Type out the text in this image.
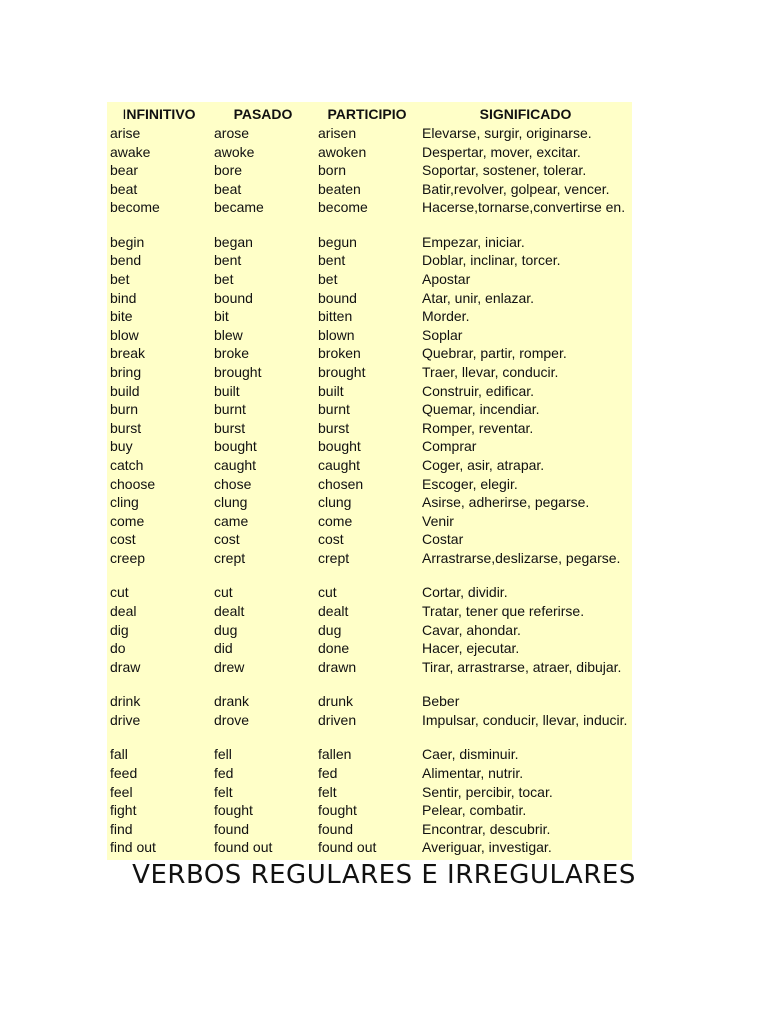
INFINITIVO	PASADO	PARTICIPIO	SIGNIFICADO
arise	arose	arisen	Elevarse, surgir, originarse.
awake	awoke	awoken	Despertar, mover, excitar.
bear	bore	born	Soportar, sostener, tolerar.
beat	beat	beaten	Batir,revolver, golpear, vencer.
become	became	become	Hacerse,tornarse,convertirse en.
begin	began	begun	Empezar, iniciar.
bend	bent	bent	Doblar, inclinar, torcer.
bet	bet	bet	Apostar
bind	bound	bound	Atar, unir, enlazar.
bite	bit	bitten	Morder.
blow	blew	blown	Soplar
break	broke	broken	Quebrar, partir, romper.
bring	brought	brought	Traer, llevar, conducir.
build	built	built	Construir, edificar.
burn	burnt	burnt	Quemar, incendiar.
burst	burst	burst	Romper, reventar.
buy	bought	bought	Comprar
catch	caught	caught	Coger, asir, atrapar.
choose	chose	chosen	Escoger, elegir.
cling	clung	clung	Asirse, adherirse, pegarse.
come	came	come	Venir
cost	cost	cost	Costar
creep	crept	crept	Arrastrarse,deslizarse, pegarse.
cut	cut	cut	Cortar, dividir.
deal	dealt	dealt	Tratar, tener que referirse.
dig	dug	dug	Cavar, ahondar.
do	did	done	Hacer, ejecutar.
draw	drew	drawn	Tirar, arrastrarse, atraer, dibujar.
drink	drank	drunk	Beber
drive	drove	driven	Impulsar, conducir, llevar, inducir.
fall	fell	fallen	Caer, disminuir.
feed	fed	fed	Alimentar, nutrir.
feel	felt	felt	Sentir, percibir, tocar.
fight	fought	fought	Pelear, combatir.
find	found	found	Encontrar, descubrir.
find out	found out	found out	Averiguar, investigar.
VERBOS REGULARES E IRREGULARES
